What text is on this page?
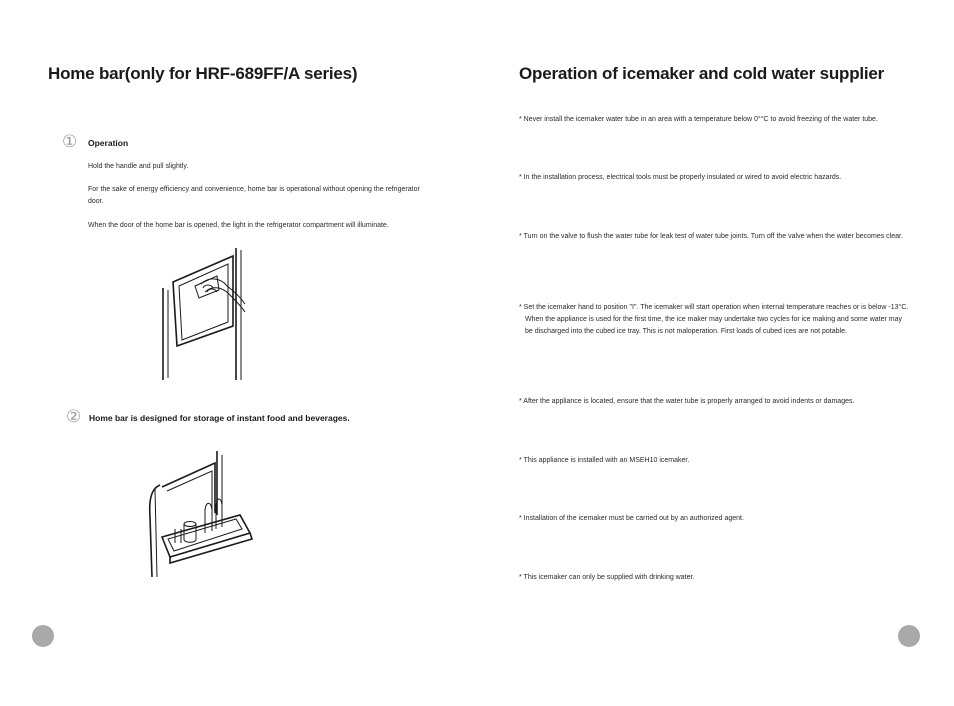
Home bar(only for HRF-689FF/A series)
① Operation
Hold the handle and pull slightly.
For the sake of energy efficiency and convenience, home bar is operational without opening the refrigerator door.
When the door of the home bar is opened, the light in the refrigerator compartment will illuminate.
② Home bar is designed for storage of instant food and beverages.
Operation of icemaker and cold water supplier
* Never install the icemaker water tube in an area with a temperature below 0°°C to avoid freezing of the water tube.
* In the installation process, electrical tools must be properly insulated or wired to avoid electric hazards.
* Turn on the valve to flush the water tube for leak test of water tube joints. Turn off the valve when the water becomes clear.
* Set the icemaker hand to position "I". The icemaker will start operation when internal temperature reaches or is below -13°C. When the appliance is used for the first time, the ice maker may undertake two cycles for ice making and some water may be discharged into the cubed ice tray. This is not maloperation. First loads of cubed ices are not potable.
* After the appliance is located, ensure that the water tube is properly arranged to avoid indents or damages.
* This appliance is installed with an MSEH10 icemaker.
* Installation of the icemaker must be carried out by an authorized agent.
* This icemaker can only be supplied with drinking water.
